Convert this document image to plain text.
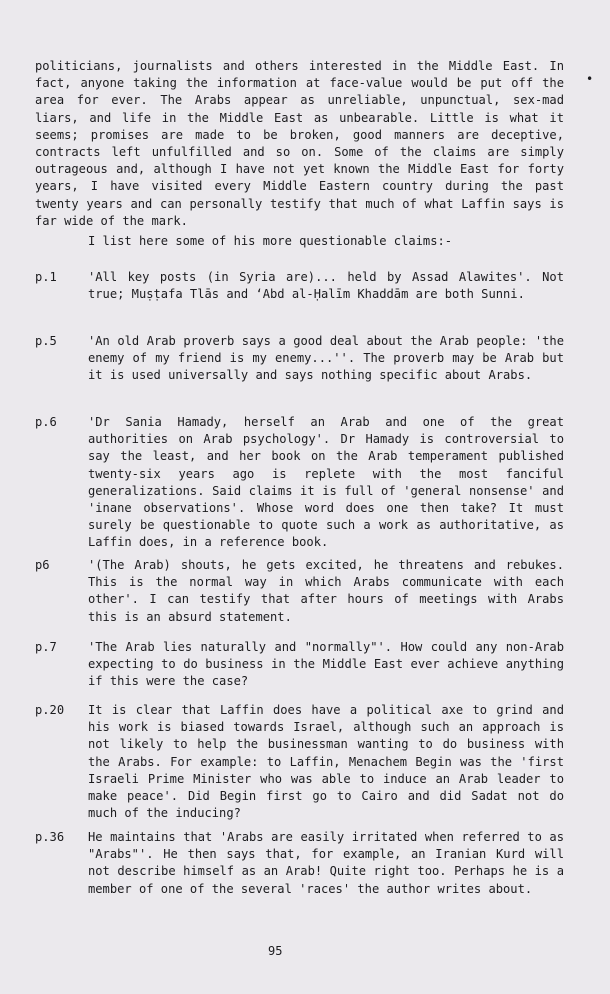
politicians, journalists and others interested in the Middle East. In fact, anyone taking the information at face-value would be put off the area for ever. The Arabs appear as unreliable, unpunctual, sex-mad liars, and life in the Middle East as unbearable. Little is what it seems; promises are made to be broken, good manners are deceptive, contracts left unfulfilled and so on. Some of the claims are simply outrageous and, although I have not yet known the Middle East for forty years, I have visited every Middle Eastern country during the past twenty years and can personally testify that much of what Laffin says is far wide of the mark.
•
I list here some of his more questionable claims:-
p.1	'All key posts (in Syria are)... held by Assad Alawites'. Not true; Muṣṭafa Tlās and ‘Abd al-Ḥalīm Khaddām are both Sunni.

p.5	'An old Arab proverb says a good deal about the Arab people: 'the enemy of my friend is my enemy...''. The proverb may be Arab but it is used universally and says nothing specific about Arabs.

p.6	'Dr Sania Hamady, herself an Arab and one of the great authorities on Arab psychology'. Dr Hamady is controversial to say the least, and her book on the Arab temperament published twenty-six years ago is replete with the most fanciful generalizations. Said claims it is full of 'general nonsense' and 'inane observations'. Whose word does one then take? It must surely be questionable to quote such a work as authoritative, as Laffin does, in a reference book.

p6	'(The Arab) shouts, he gets excited, he threatens and rebukes. This is the normal way in which Arabs communicate with each other'. I can testify that after hours of meetings with Arabs this is an absurd statement.

p.7	'The Arab lies naturally and "normally"'. How could any non-Arab expecting to do business in the Middle East ever achieve anything if this were the case?

p.20	It is clear that Laffin does have a political axe to grind and his work is biased towards Israel, although such an approach is not likely to help the businessman wanting to do business with the Arabs. For example: to Laffin, Menachem Begin was the 'first Israeli Prime Minister who was able to induce an Arab leader to make peace'. Did Begin first go to Cairo and did Sadat not do much of the inducing?

p.36	He maintains that 'Arabs are easily irritated when referred to as "Arabs"'. He then says that, for example, an Iranian Kurd will not describe himself as an Arab! Quite right too. Perhaps he is a member of one of the several 'races' the author writes about.

95
